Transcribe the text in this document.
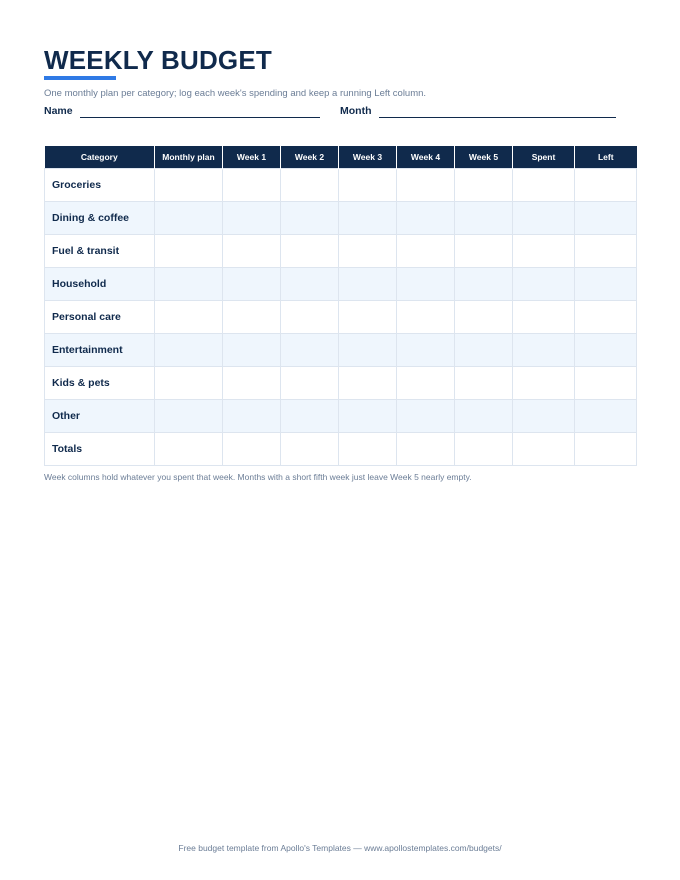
WEEKLY BUDGET
One monthly plan per category; log each week's spending and keep a running Left column.
Name	Month
Category	Monthly plan	Week 1	Week 2	Week 3	Week 4	Week 5	Spent	Left
Groceries								
Dining & coffee								
Fuel & transit								
Household								
Personal care								
Entertainment								
Kids & pets								
Other								
Totals								
Week columns hold whatever you spent that week. Months with a short fifth week just leave Week 5 nearly empty.
Free budget template from Apollo's Templates — www.apollostemplates.com/budgets/
